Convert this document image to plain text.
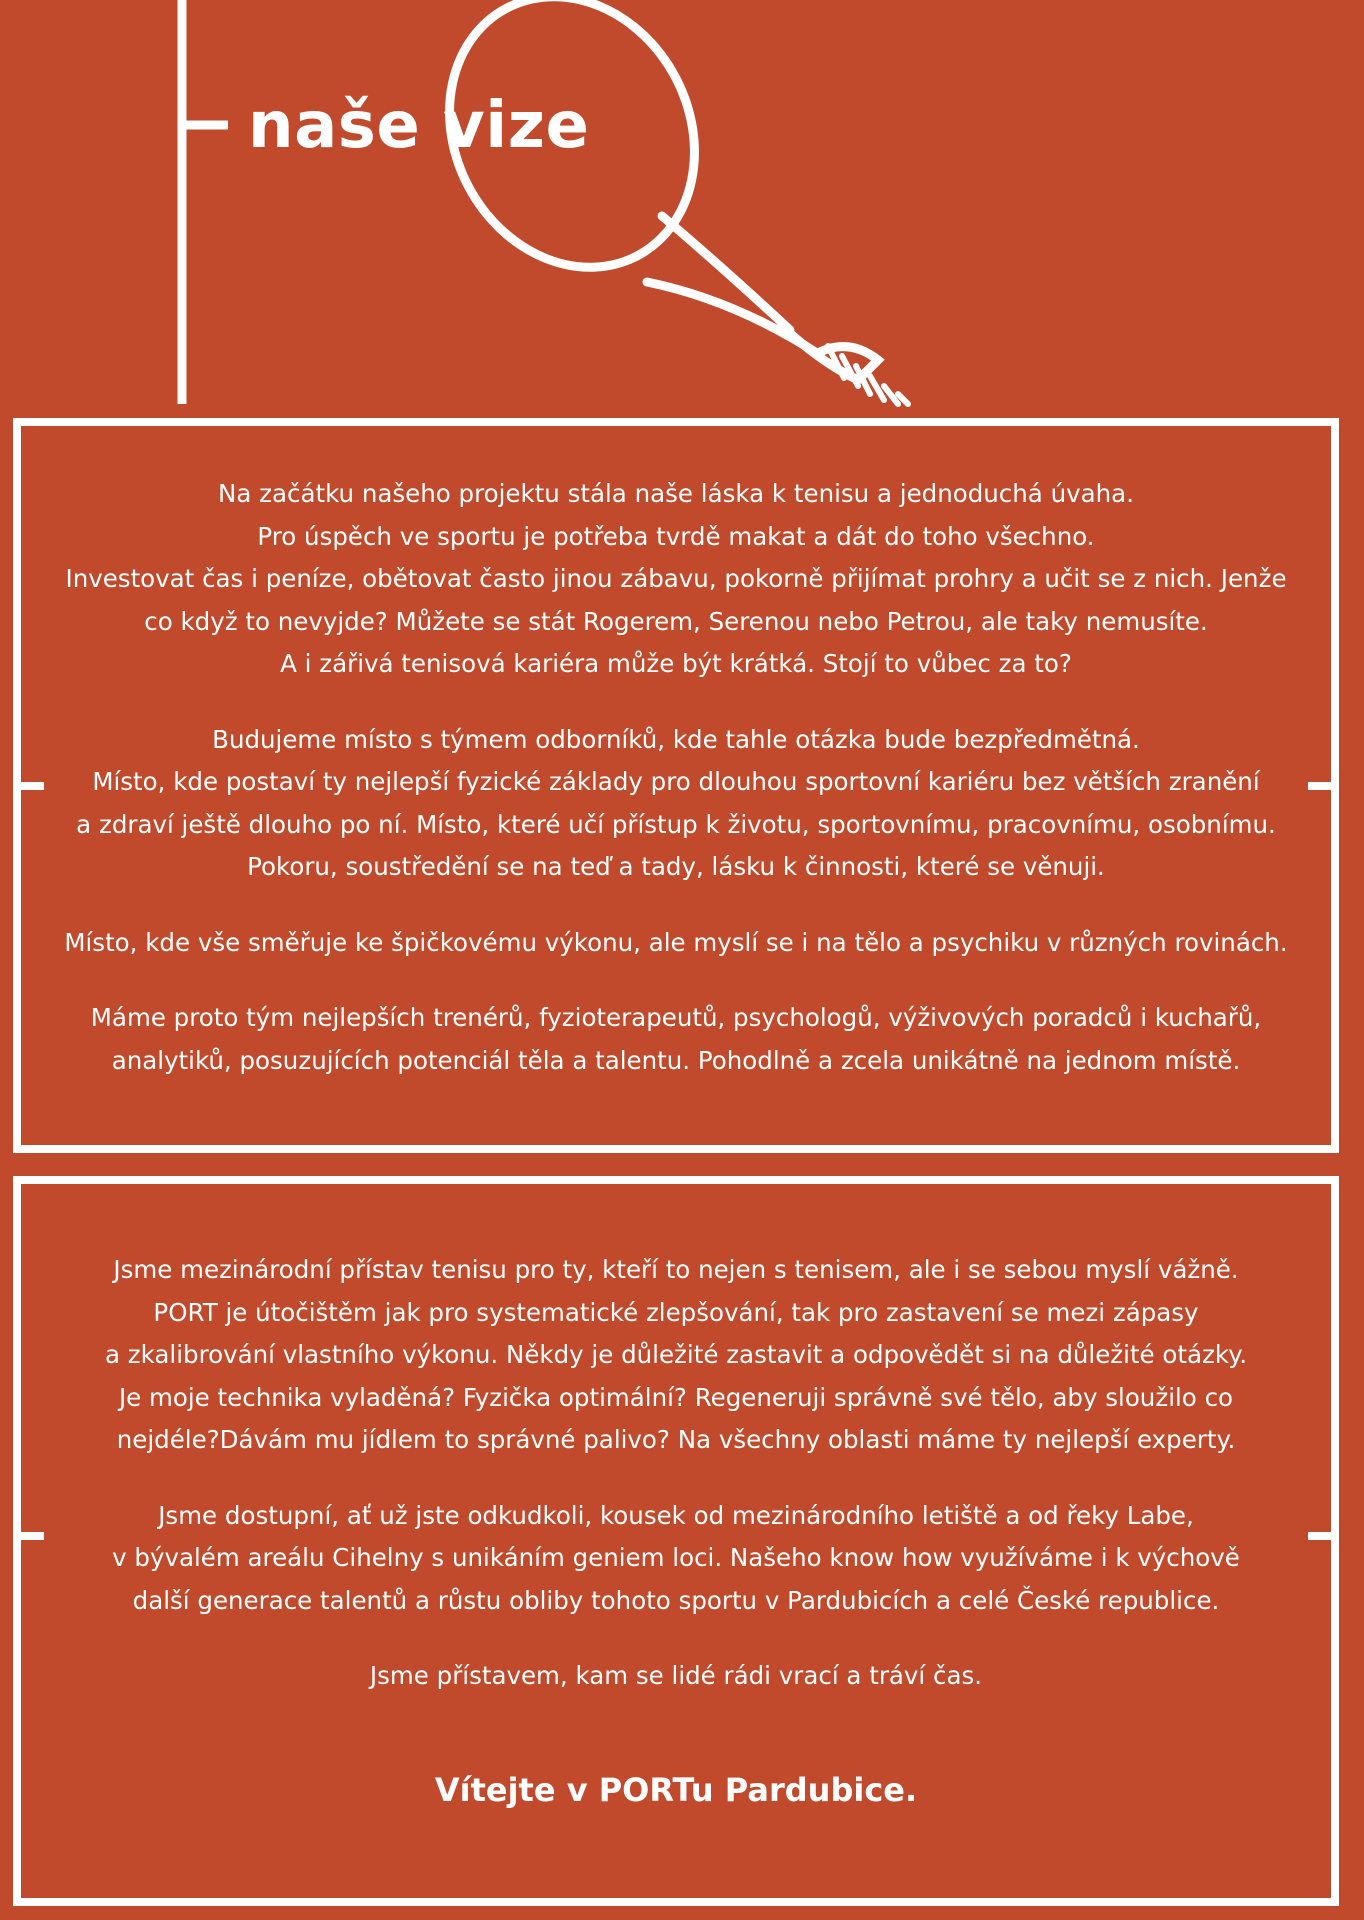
naše vize

Na začátku našeho projektu stála naše láska k tenisu a jednoduchá úvaha.
Pro úspěch ve sportu je potřeba tvrdě makat a dát do toho všechno.
Investovat čas i peníze, obětovat často jinou zábavu, pokorně přijímat prohry a učit se z nich. Jenže
co když to nevyjde? Můžete se stát Rogerem, Serenou nebo Petrou, ale taky nemusíte.
A i zářivá tenisová kariéra může být krátká. Stojí to vůbec za to?

Budujeme místo s týmem odborníků, kde tahle otázka bude bezpředmětná.
Místo, kde postaví ty nejlepší fyzické základy pro dlouhou sportovní kariéru bez větších zranění
a zdraví ještě dlouho po ní. Místo, které učí přístup k životu, sportovnímu, pracovnímu, osobnímu.
Pokoru, soustředění se na teď a tady, lásku k činnosti, které se věnuji.

Místo, kde vše směřuje ke špičkovému výkonu, ale myslí se i na tělo a psychiku v různých rovinách.

Máme proto tým nejlepších trenérů, fyzioterapeutů, psychologů, výživových poradců i kuchařů,
analytiků, posuzujících potenciál těla a talentu. Pohodlně a zcela unikátně na jednom místě.

Jsme mezinárodní přístav tenisu pro ty, kteří to nejen s tenisem, ale i se sebou myslí vážně.
PORT je útočištěm jak pro systematické zlepšování, tak pro zastavení se mezi zápasy
a zkalibrování vlastního výkonu. Někdy je důležité zastavit a odpovědět si na důležité otázky.
Je moje technika vyladěná? Fyzička optimální? Regeneruji správně své tělo, aby sloužilo co
nejdéle?Dávám mu jídlem to správné palivo? Na všechny oblasti máme ty nejlepší experty.

Jsme dostupní, ať už jste odkudkoli, kousek od mezinárodního letiště a od řeky Labe,
v bývalém areálu Cihelny s unikáním geniem loci. Našeho know how využíváme i k výchově
další generace talentů a růstu obliby tohoto sportu v Pardubicích a celé České republice.

Jsme přístavem, kam se lidé rádi vrací a tráví čas.

Vítejte v PORTu Pardubice.
